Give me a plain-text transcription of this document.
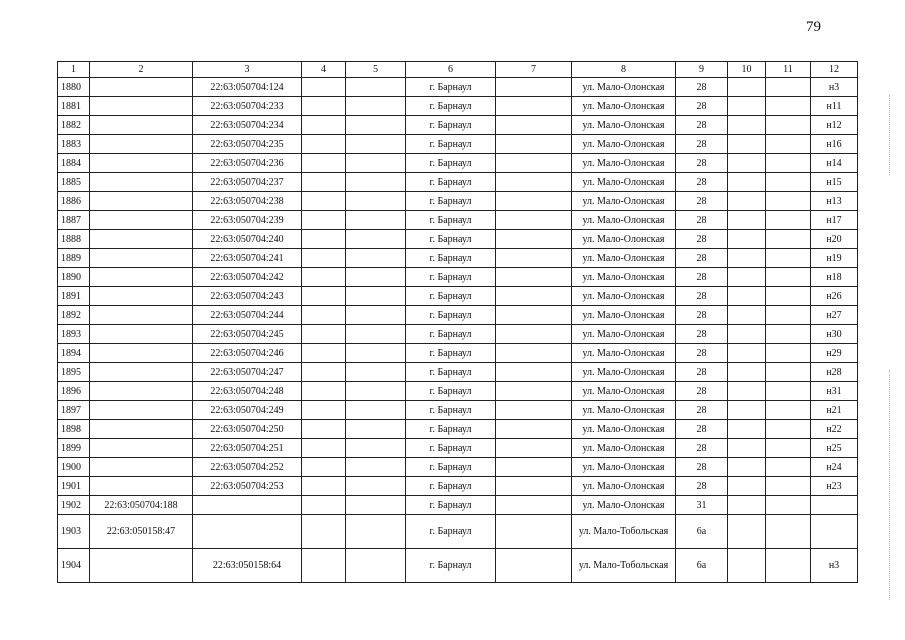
79
1	2	3	4	5	6	7	8	9	10	11	12
1880		22:63:050704:124			г. Барнаул		ул. Мало-Олонская	28			н3
1881		22:63:050704:233			г. Барнаул		ул. Мало-Олонская	28			н11
1882		22:63:050704:234			г. Барнаул		ул. Мало-Олонская	28			н12
1883		22:63:050704:235			г. Барнаул		ул. Мало-Олонская	28			н16
1884		22:63:050704:236			г. Барнаул		ул. Мало-Олонская	28			н14
1885		22:63:050704:237			г. Барнаул		ул. Мало-Олонская	28			н15
1886		22:63:050704:238			г. Барнаул		ул. Мало-Олонская	28			н13
1887		22:63:050704:239			г. Барнаул		ул. Мало-Олонская	28			н17
1888		22:63:050704:240			г. Барнаул		ул. Мало-Олонская	28			н20
1889		22:63:050704:241			г. Барнаул		ул. Мало-Олонская	28			н19
1890		22:63:050704:242			г. Барнаул		ул. Мало-Олонская	28			н18
1891		22:63:050704:243			г. Барнаул		ул. Мало-Олонская	28			н26
1892		22:63:050704:244			г. Барнаул		ул. Мало-Олонская	28			н27
1893		22:63:050704:245			г. Барнаул		ул. Мало-Олонская	28			н30
1894		22:63:050704:246			г. Барнаул		ул. Мало-Олонская	28			н29
1895		22:63:050704:247			г. Барнаул		ул. Мало-Олонская	28			н28
1896		22:63:050704:248			г. Барнаул		ул. Мало-Олонская	28			н31
1897		22:63:050704:249			г. Барнаул		ул. Мало-Олонская	28			н21
1898		22:63:050704:250			г. Барнаул		ул. Мало-Олонская	28			н22
1899		22:63:050704:251			г. Барнаул		ул. Мало-Олонская	28			н25
1900		22:63:050704:252			г. Барнаул		ул. Мало-Олонская	28			н24
1901		22:63:050704:253			г. Барнаул		ул. Мало-Олонская	28			н23
1902	22:63:050704:188				г. Барнаул		ул. Мало-Олонская	31			
1903	22:63:050158:47				г. Барнаул		ул. Мало-Тобольская	6а			
1904		22:63:050158:64			г. Барнаул		ул. Мало-Тобольская	6а			н3
